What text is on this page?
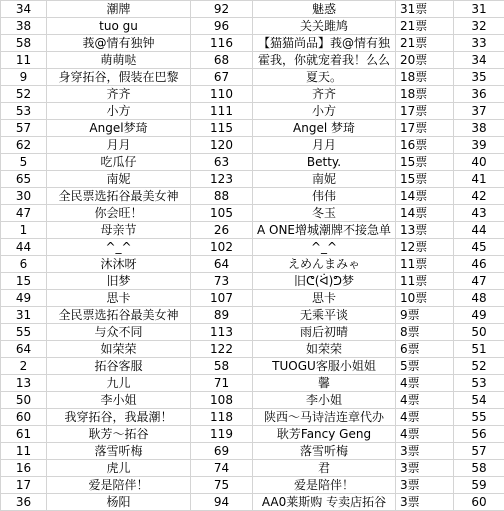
34	潮牌	92	魅惑	31票	31
38	tuo gu	96	关关雎鸠	21票	32
58	莪@情有独钟	116	【猫猫尚品】莪@情有独	21票	33
11	萌萌哒	68	霍我，你就宠着我！么么	20票	34
9	身穿拓谷，假装在巴黎	67	夏天。	18票	35
52	齐齐	110	齐齐	18票	36
53	小方	111	小方	17票	37
57	Angel梦琦	115	Angel 梦琦	17票	38
62	月月	120	月月	16票	39
5	吃瓜仔	63	Betty.	15票	40
65	南妮	123	南妮	15票	41
30	全民票选拓谷最美女神	88	伟伟	14票	42
47	你会旺！	105	冬玉	14票	43
1	母亲节	26	A ONE增城潮牌不接急单	13票	44
44	^_^	102	^_^	12票	45
6	沐沐呀	64	えめんまみゃ	11票	46
15	旧梦	73	旧ᕦ(ᐛ)ᕤ梦	11票	47
49	思卡	107	思卡	10票	48
31	全民票选拓谷最美女神	89	无乘平谈	9票	49
55	与众不同	113	雨后初晴	8票	50
64	如荣荣	122	如荣荣	6票	51
2	拓谷客服	58	TUOGU客服小姐姐	5票	52
13	九儿	71	馨	4票	53
50	李小姐	108	李小姐	4票	54
60	我穿拓谷，我最潮！	118	陕西～马诗洁连章代办	4票	55
61	耿芳～拓谷	119	耿芳Fancy Geng	4票	56
11	落雪听梅	69	落雪听梅	3票	57
16	虎儿	74	君	3票	58
17	爱是陪伴！	75	爱是陪伴！	3票	59
36	杨阳	94	AA0莱斯购 专卖店拓谷	3票	60
